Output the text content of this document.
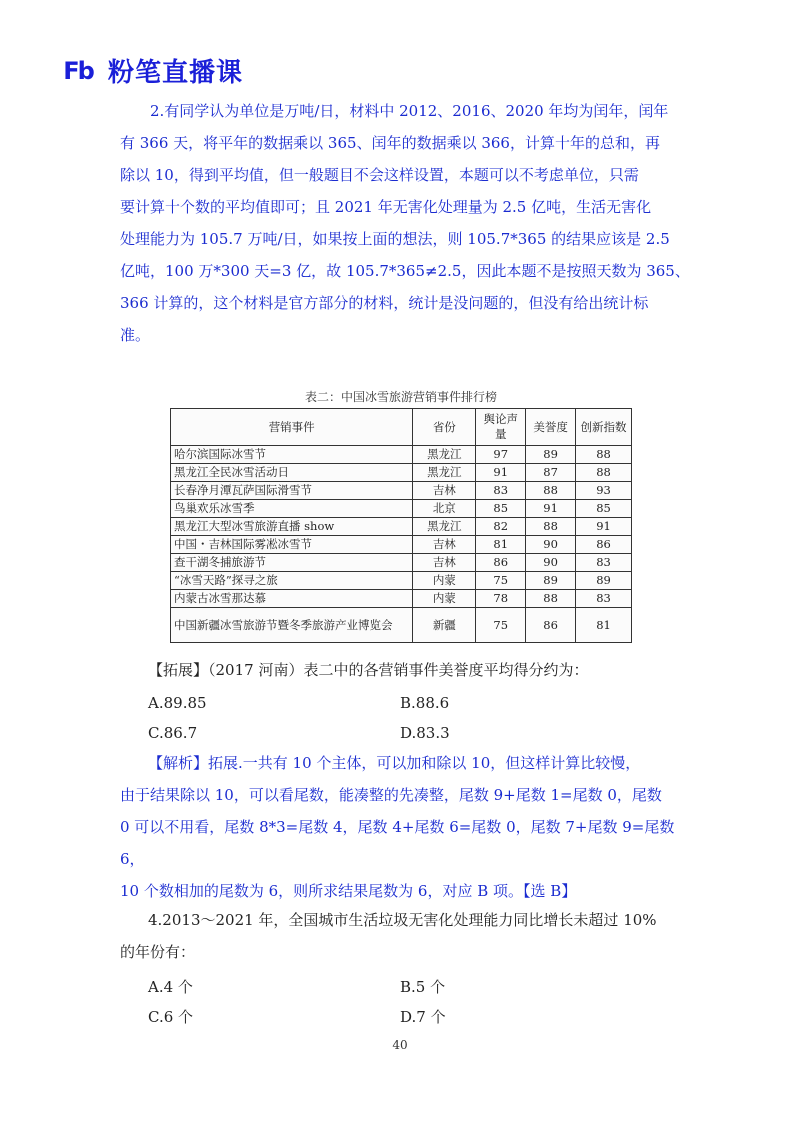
Fb 粉笔直播课
2.有同学认为单位是万吨/日，材料中 2012、2016、2020 年均为闰年，闰年
有 366 天，将平年的数据乘以 365、闰年的数据乘以 366，计算十年的总和，再
除以 10，得到平均值，但一般题目不会这样设置，本题可以不考虑单位，只需
要计算十个数的平均值即可；且 2021 年无害化处理量为 2.5 亿吨，生活无害化
处理能力为 105.7 万吨/日，如果按上面的想法，则 105.7*365 的结果应该是 2.5
亿吨，100 万*300 天=3 亿，故 105.7*365≠2.5，因此本题不是按照天数为 365、
366 计算的，这个材料是官方部分的材料，统计是没问题的，但没有给出统计标
准。
表二：中国冰雪旅游营销事件排行榜
营销事件	省份	舆论声量	美誉度	创新指数
哈尔滨国际冰雪节	黑龙江	97	89	88
黑龙江全民冰雪活动日	黑龙江	91	87	88
长春净月潭瓦萨国际滑雪节	吉林	83	88	93
鸟巢欢乐冰雪季	北京	85	91	85
黑龙江大型冰雪旅游直播 show	黑龙江	82	88	91
中国・吉林国际雾凇冰雪节	吉林	81	90	86
查干湖冬捕旅游节	吉林	86	90	83
“冰雪天路”探寻之旅	内蒙	75	89	89
内蒙古冰雪那达慕	内蒙	78	88	83
中国新疆冰雪旅游节暨冬季旅游产业博览会	新疆	75	86	81
【拓展】（2017 河南）表二中的各营销事件美誉度平均得分约为：
A.89.85	B.88.6
C.86.7	D.83.3
【解析】拓展.一共有 10 个主体，可以加和除以 10，但这样计算比较慢，
由于结果除以 10，可以看尾数，能凑整的先凑整，尾数 9+尾数 1=尾数 0，尾数
0 可以不用看，尾数 8*3=尾数 4，尾数 4+尾数 6=尾数 0，尾数 7+尾数 9=尾数 6，
10 个数相加的尾数为 6，则所求结果尾数为 6，对应 B 项。【选 B】
4.2013～2021 年，全国城市生活垃圾无害化处理能力同比增长未超过 10%
的年份有：
A.4 个	B.5 个
C.6 个	D.7 个
40
